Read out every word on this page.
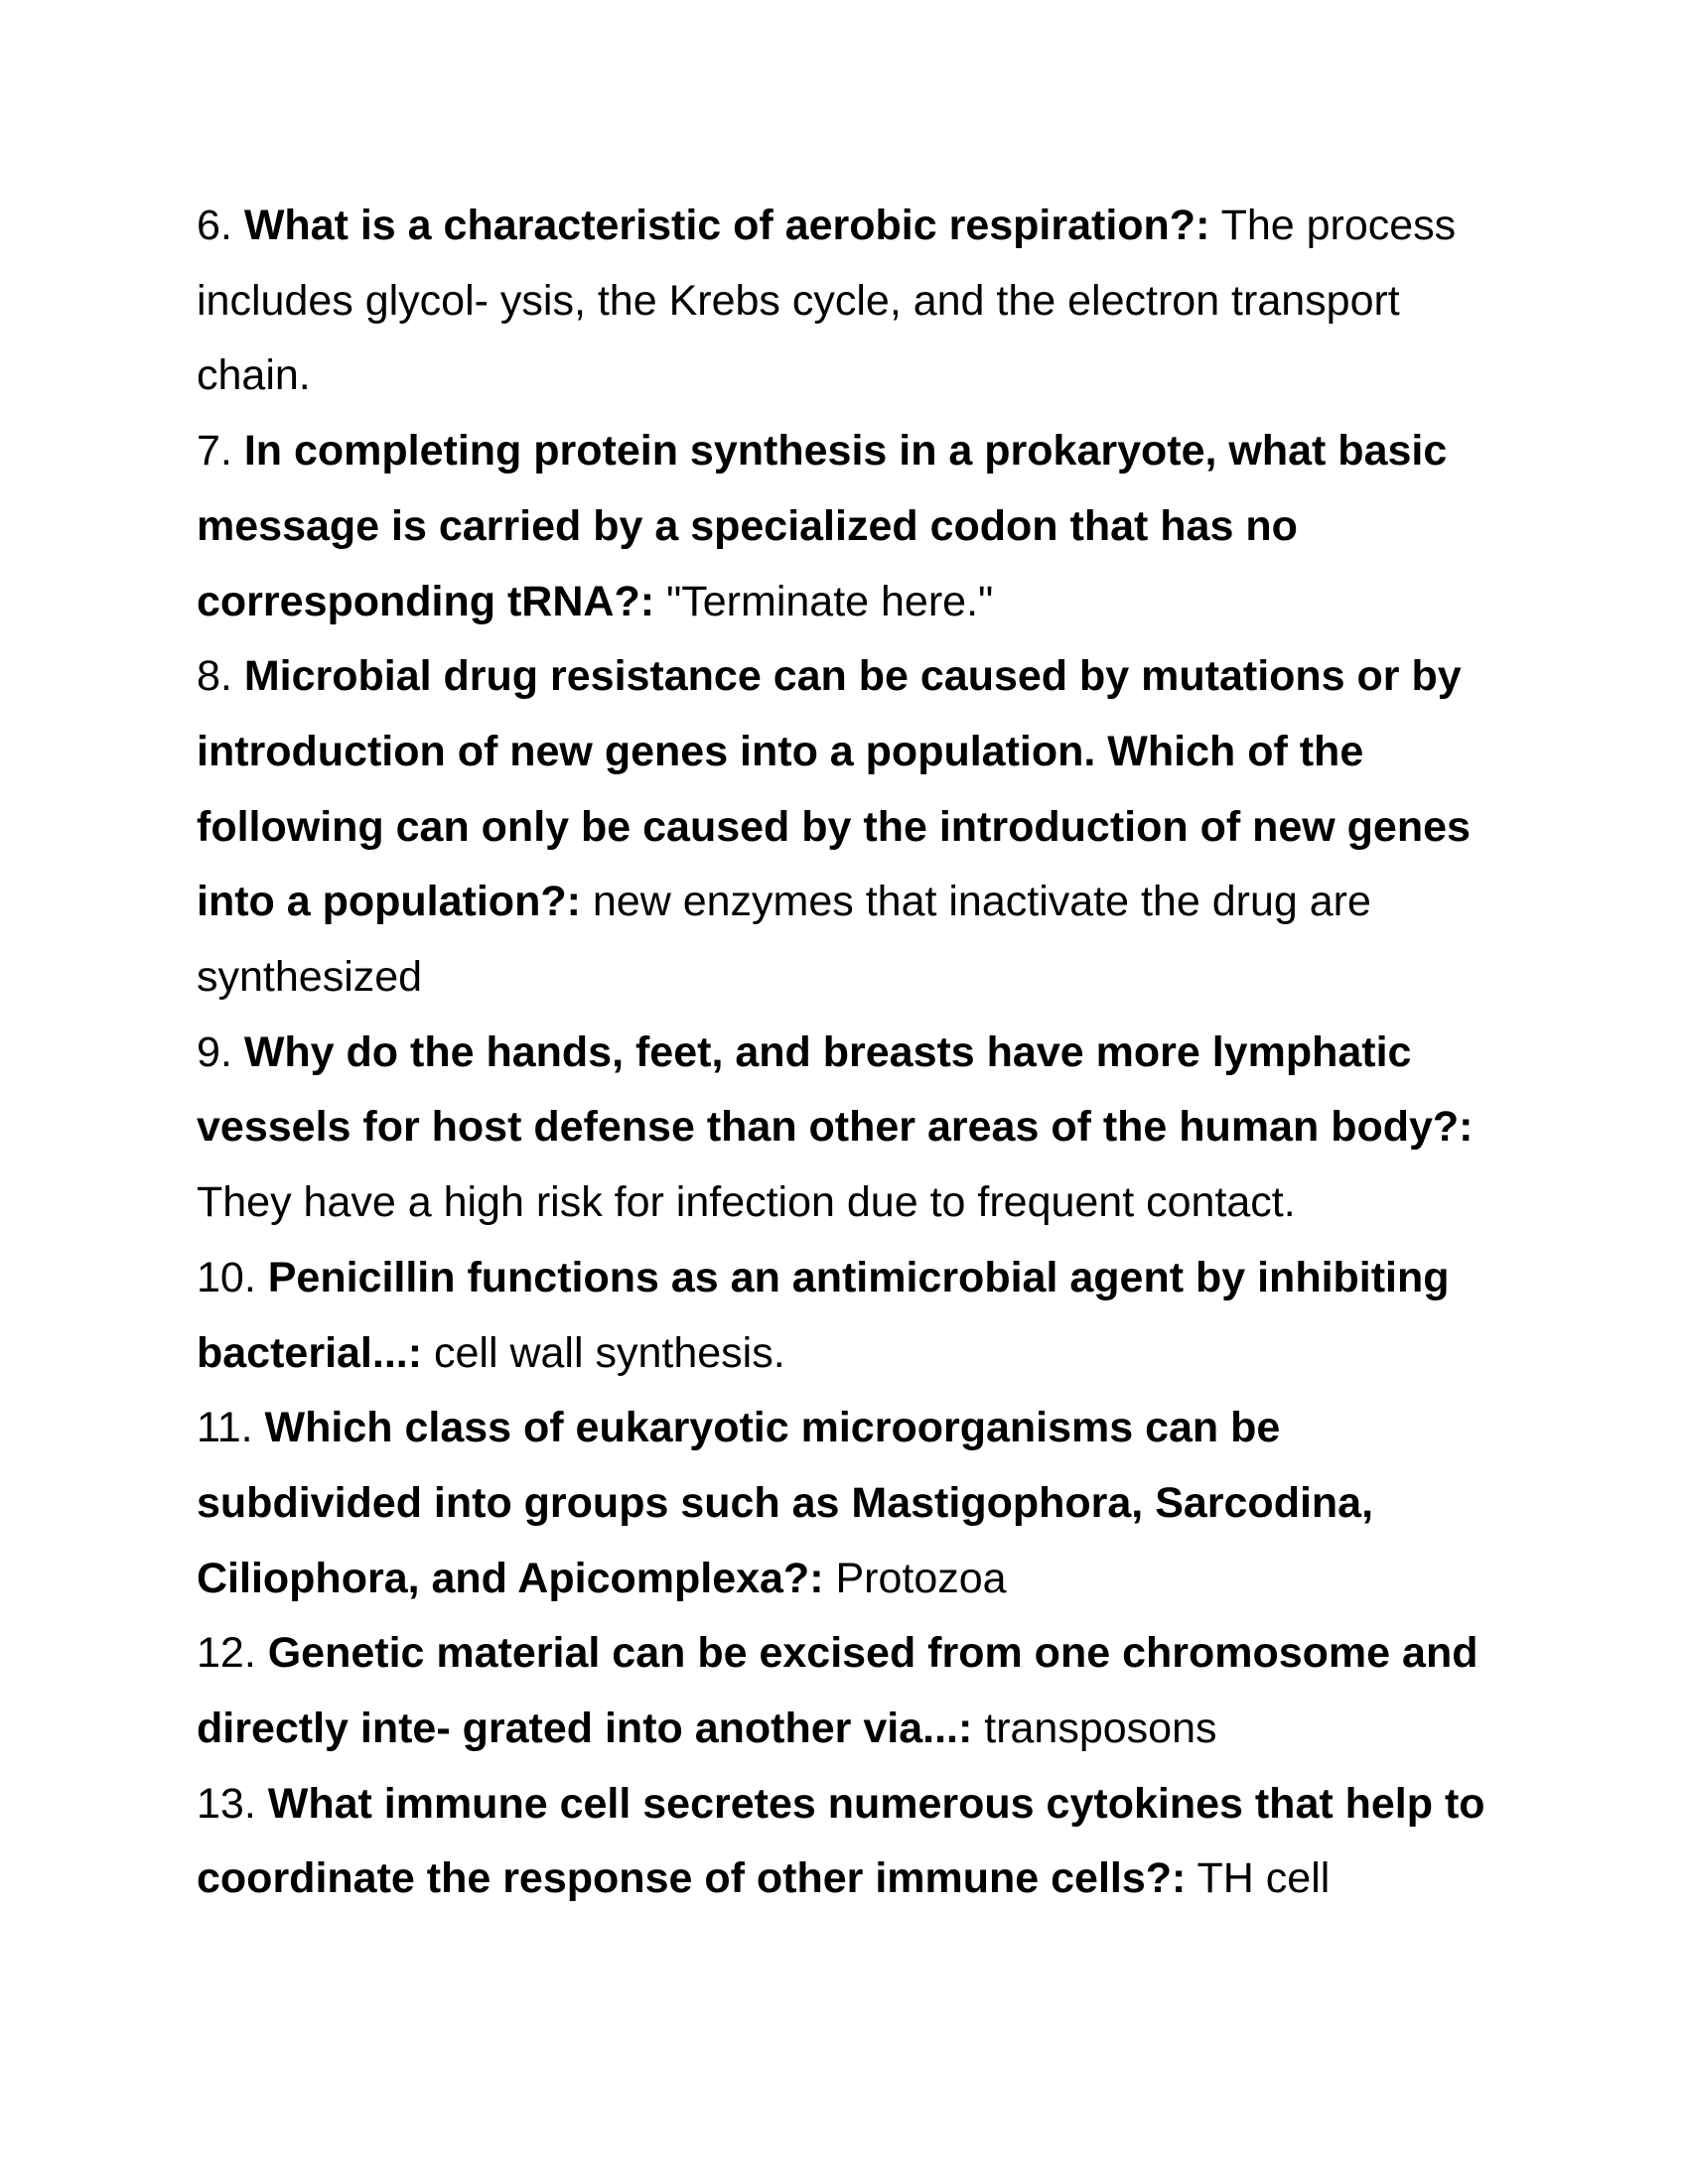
6. What is a characteristic of aerobic respiration?: The process includes glycol- ysis, the Krebs cycle, and the electron transport chain.

7. In completing protein synthesis in a prokaryote, what basic message is carried by a specialized codon that has no corresponding tRNA?: "Terminate here."

8. Microbial drug resistance can be caused by mutations or by introduction of new genes into a population. Which of the following can only be caused by the introduction of new genes into a population?: new enzymes that inactivate the drug are synthesized

9. Why do the hands, feet, and breasts have more lymphatic vessels for host defense than other areas of the human body?: They have a high risk for infection due to frequent contact.

10. Penicillin functions as an antimicrobial agent by inhibiting bacterial...: cell wall synthesis.

11. Which class of eukaryotic microorganisms can be subdivided into groups such as Mastigophora, Sarcodina, Ciliophora, and Apicomplexa?: Protozoa

12. Genetic material can be excised from one chromosome and directly inte- grated into another via...: transposons

13. What immune cell secretes numerous cytokines that help to coordinate the response of other immune cells?: TH cell
